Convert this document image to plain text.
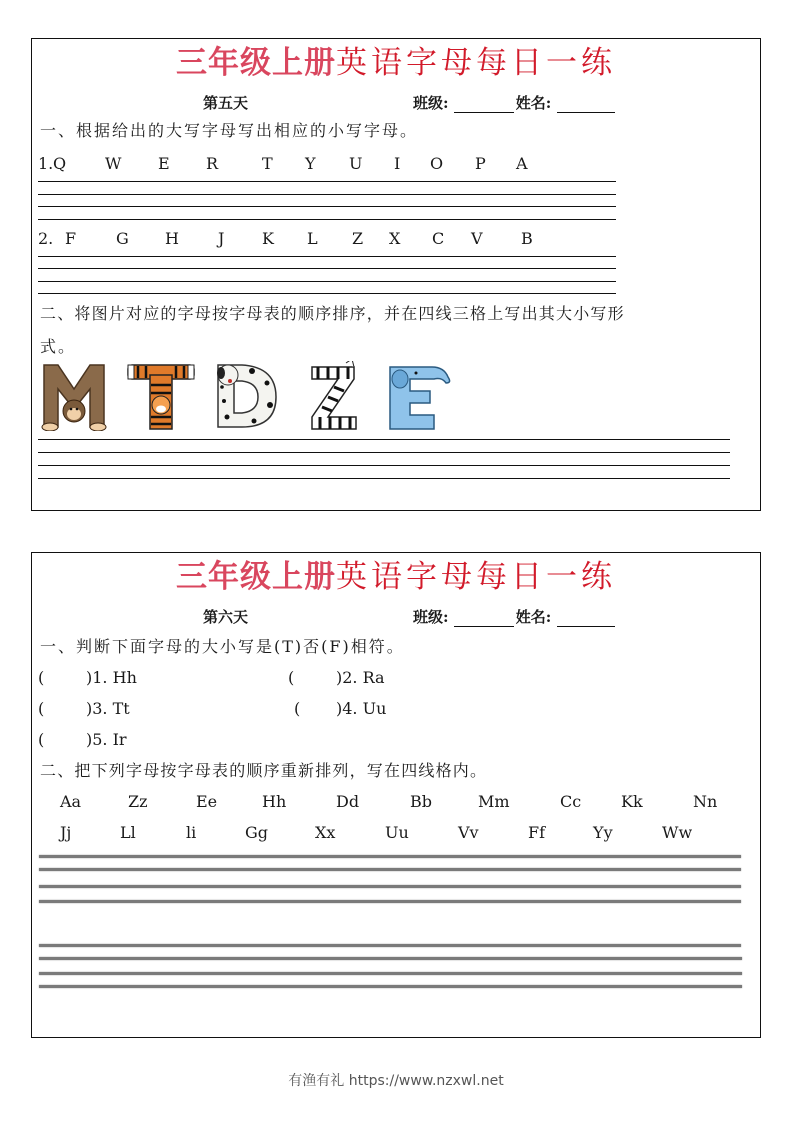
三年级上册英语字母每日一练
第五天	班级:	姓名:
一、根据给出的大写字母写出相应的小写字母。
1. Q W E R	T Y U I O P A
2. F G H J K L Z X C V B
二、将图片对应的字母按字母表的顺序排序，并在四线三格上写出其大小写形
式。
三年级上册英语字母每日一练
第六天	班级:	姓名:
一、判断下面字母的大小写是(T)否(F)相符。
(	)1. Hh	(	)2. Ra
(	)3. Tt	( )4. Uu
(	)5. Ir
二、把下列字母按字母表的顺序重新排列，写在四线格内。
Aa	Zz	Ee	Hh	Dd	Bb	Mm	Cc Kk	Nn
Jj	Ll	li	Gg	Xx	Uu	Vv	Ff	Yy	Ww
有渔有礼 https://www.nzxwl.net
